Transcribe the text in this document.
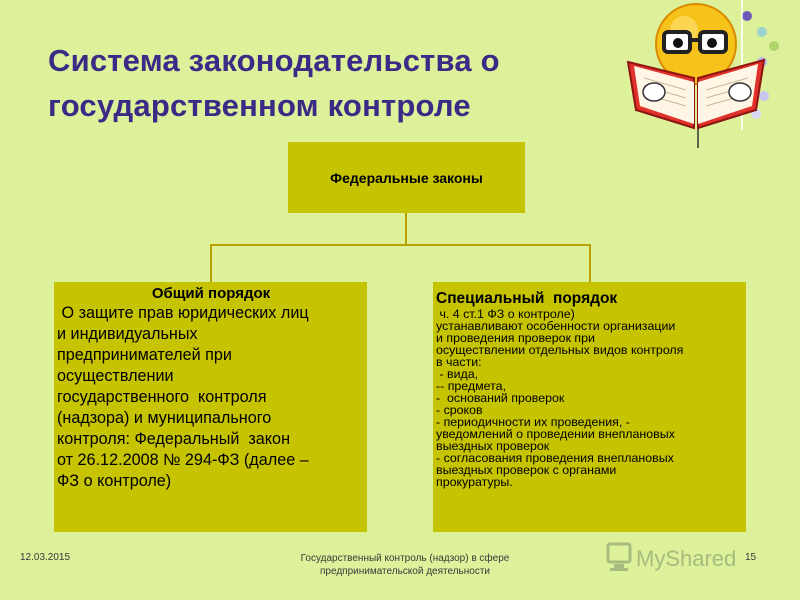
Система законодательства о
государственном контроле
Федеральные законы
Общий порядок
О защите прав юридических лиц
и индивидуальных
предпринимателей при
осуществлении
государственного  контроля
(надзора) и муниципального
контроля: Федеральный  закон
от 26.12.2008 № 294-ФЗ (далее –
ФЗ о контроле)
Специальный  порядок
ч. 4 ст.1 ФЗ о контроле)
устанавливают особенности организации
и проведения проверок при
осуществлении отдельных видов контроля
в части:
- вида,
-- предмета,
-  оснований проверок
- сроков
- периодичности их проведения, -
уведомлений о проведении внеплановых
выездных проверок
- согласования проведения внеплановых
выездных проверок с органами
прокуратуры.
MyShared
12.03.2015	Государственный контроль (надзор) в сфере
предпринимательской деятельности
15
